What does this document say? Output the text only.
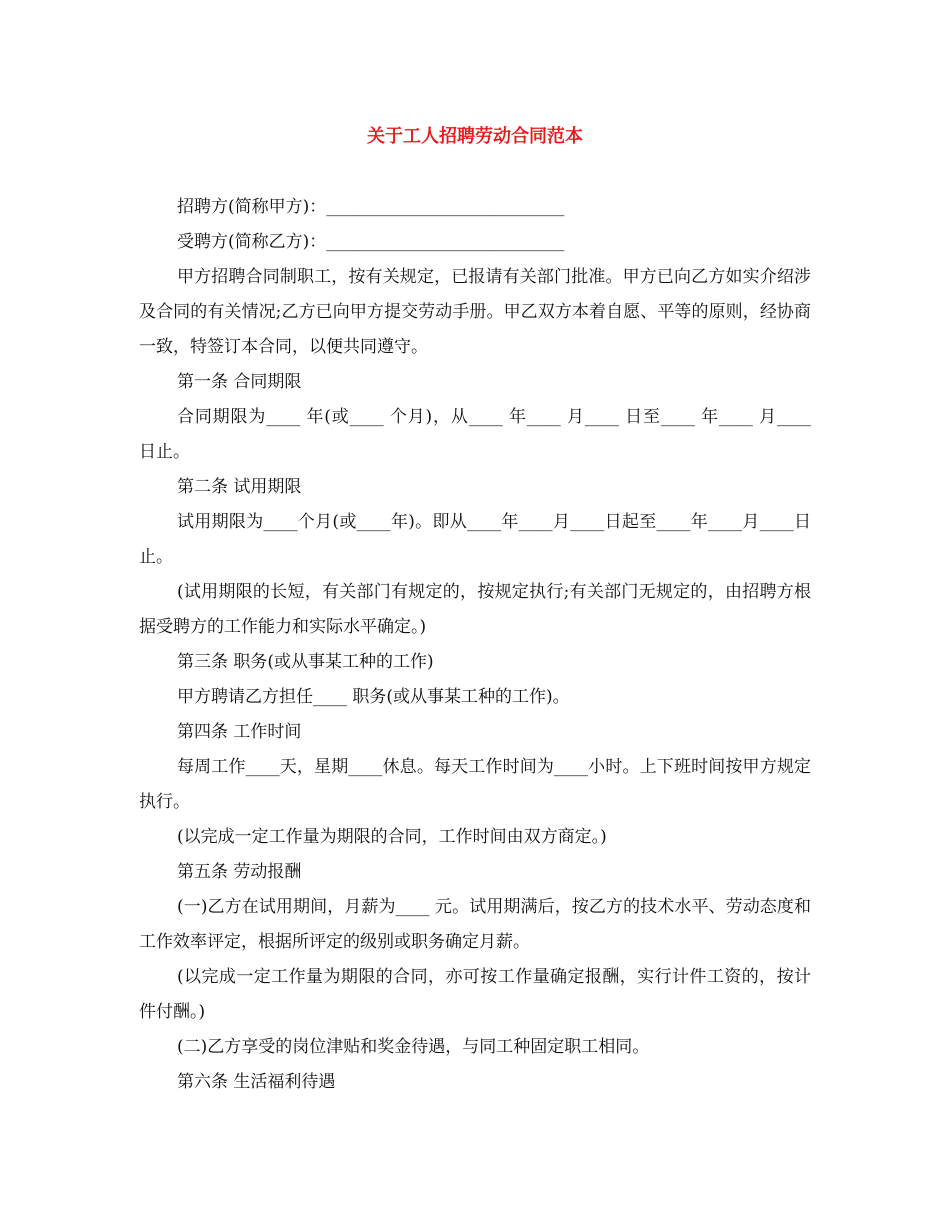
关于工人招聘劳动合同范本

招聘方(简称甲方)：____________________________

受聘方(简称乙方)：____________________________

甲方招聘合同制职工，按有关规定，已报请有关部门批准。甲方已向乙方如实介绍涉及合同的有关情况;乙方已向甲方提交劳动手册。甲乙双方本着自愿、平等的原则，经协商一致，特签订本合同，以便共同遵守。

第一条 合同期限

合同期限为____ 年(或____ 个月)，从____ 年____ 月____ 日至____ 年____ 月____ 日止。

第二条 试用期限

试用期限为____个月(或____年)。即从____年____月____日起至____年____月____日止。

(试用期限的长短，有关部门有规定的，按规定执行;有关部门无规定的，由招聘方根据受聘方的工作能力和实际水平确定。)

第三条 职务(或从事某工种的工作)

甲方聘请乙方担任____ 职务(或从事某工种的工作)。

第四条 工作时间

每周工作____天，星期____休息。每天工作时间为____小时。上下班时间按甲方规定执行。

(以完成一定工作量为期限的合同，工作时间由双方商定。)

第五条 劳动报酬

(一)乙方在试用期间，月薪为____ 元。试用期满后，按乙方的技术水平、劳动态度和工作效率评定，根据所评定的级别或职务确定月薪。

(以完成一定工作量为期限的合同，亦可按工作量确定报酬，实行计件工资的，按计件付酬。)

(二)乙方享受的岗位津贴和奖金待遇，与同工种固定职工相同。

第六条 生活福利待遇
